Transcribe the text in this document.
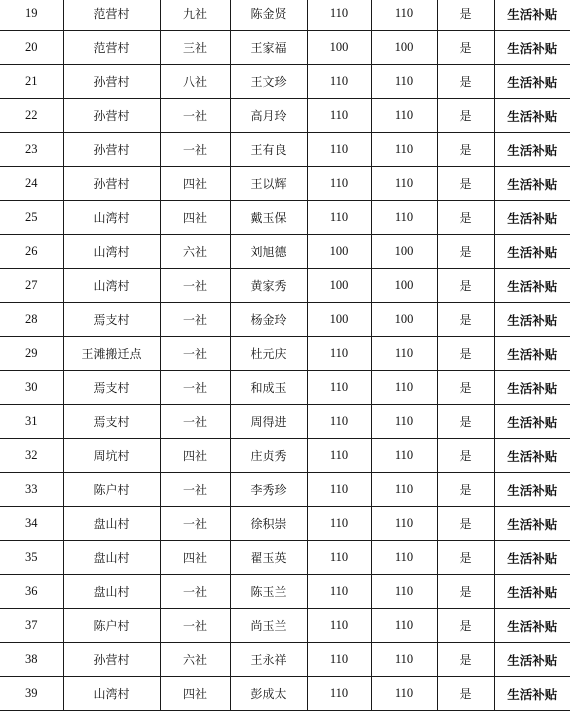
19	范营村	九社	陈金贤	110	110	是	生活补贴
20	范营村	三社	王家福	100	100	是	生活补贴
21	孙营村	八社	王文珍	110	110	是	生活补贴
22	孙营村	一社	高月玲	110	110	是	生活补贴
23	孙营村	一社	王有良	110	110	是	生活补贴
24	孙营村	四社	王以辉	110	110	是	生活补贴
25	山湾村	四社	戴玉保	110	110	是	生活补贴
26	山湾村	六社	刘旭德	100	100	是	生活补贴
27	山湾村	一社	黄家秀	100	100	是	生活补贴
28	焉支村	一社	杨金玲	100	100	是	生活补贴
29	王滩搬迁点	一社	杜元庆	110	110	是	生活补贴
30	焉支村	一社	和成玉	110	110	是	生活补贴
31	焉支村	一社	周得进	110	110	是	生活补贴
32	周坑村	四社	庄贞秀	110	110	是	生活补贴
33	陈户村	一社	李秀珍	110	110	是	生活补贴
34	盘山村	一社	徐积崇	110	110	是	生活补贴
35	盘山村	四社	翟玉英	110	110	是	生活补贴
36	盘山村	一社	陈玉兰	110	110	是	生活补贴
37	陈户村	一社	尚玉兰	110	110	是	生活补贴
38	孙营村	六社	王永祥	110	110	是	生活补贴
39	山湾村	四社	彭成太	110	110	是	生活补贴
